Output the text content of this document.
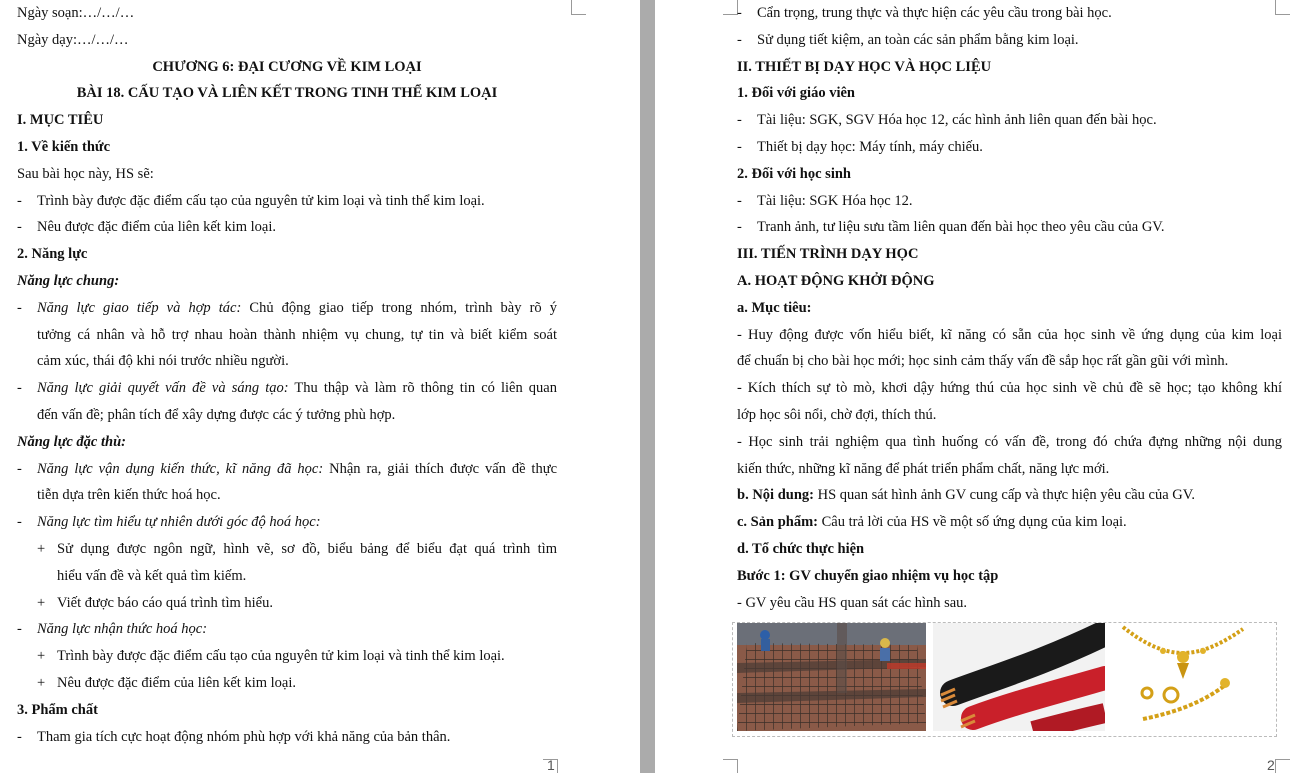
Ngày soạn:…/…/…
Ngày dạy:…/…/…
CHƯƠNG 6: ĐẠI CƯƠNG VỀ KIM LOẠI
BÀI 18. CẤU TẠO VÀ LIÊN KẾT TRONG TINH THỂ KIM LOẠI
I. MỤC TIÊU
1. Về kiến thức
Sau bài học này, HS sẽ:
- Trình bày được đặc điểm cấu tạo của nguyên tử kim loại và tinh thể kim loại.
- Nêu được đặc điểm của liên kết kim loại.
2. Năng lực
Năng lực chung:
- Năng lực giao tiếp và hợp tác: Chủ động giao tiếp trong nhóm, trình bày rõ ý
tưởng cá nhân và hỗ trợ nhau hoàn thành nhiệm vụ chung, tự tin và biết kiểm soát
cảm xúc, thái độ khi nói trước nhiều người.
- Năng lực giải quyết vấn đề và sáng tạo: Thu thập và làm rõ thông tin có liên quan
đến vấn đề; phân tích để xây dựng được các ý tưởng phù hợp.
Năng lực đặc thù:
- Năng lực vận dụng kiến thức, kĩ năng đã học: Nhận ra, giải thích được vấn đề thực
tiễn dựa trên kiến thức hoá học.
- Năng lực tìm hiểu tự nhiên dưới góc độ hoá học:
+ Sử dụng được ngôn ngữ, hình vẽ, sơ đồ, biểu bảng để biểu đạt quá trình tìm
hiểu vấn đề và kết quả tìm kiếm.
+ Viết được báo cáo quá trình tìm hiểu.
- Năng lực nhận thức hoá học:
+ Trình bày được đặc điểm cấu tạo của nguyên tử kim loại và tinh thể kim loại.
+ Nêu được đặc điểm của liên kết kim loại.
3. Phẩm chất
- Tham gia tích cực hoạt động nhóm phù hợp với khả năng của bản thân.
1
- Cẩn trọng, trung thực và thực hiện các yêu cầu trong bài học.
- Sử dụng tiết kiệm, an toàn các sản phẩm bằng kim loại.
II. THIẾT BỊ DẠY HỌC VÀ HỌC LIỆU
1. Đối với giáo viên
- Tài liệu: SGK, SGV Hóa học 12, các hình ảnh liên quan đến bài học.
- Thiết bị dạy học: Máy tính, máy chiếu.
2. Đối với học sinh
- Tài liệu: SGK Hóa học 12.
- Tranh ảnh, tư liệu sưu tầm liên quan đến bài học theo yêu cầu của GV.
III. TIẾN TRÌNH DẠY HỌC
A. HOẠT ĐỘNG KHỞI ĐỘNG
a. Mục tiêu:
- Huy động được vốn hiểu biết, kĩ năng có sẵn của học sinh về ứng dụng của kim loại
để chuẩn bị cho bài học mới; học sinh cảm thấy vấn đề sắp học rất gần gũi với mình.
- Kích thích sự tò mò, khơi dậy hứng thú của học sinh về chủ đề sẽ học; tạo không khí
lớp học sôi nổi, chờ đợi, thích thú.
- Học sinh trải nghiệm qua tình huống có vấn đề, trong đó chứa đựng những nội dung
kiến thức, những kĩ năng để phát triển phẩm chất, năng lực mới.
b. Nội dung: HS quan sát hình ảnh GV cung cấp và thực hiện yêu cầu của GV.
c. Sản phẩm: Câu trả lời của HS về một số ứng dụng của kim loại.
d. Tổ chức thực hiện
Bước 1: GV chuyển giao nhiệm vụ học tập
- GV yêu cầu HS quan sát các hình sau.
2
